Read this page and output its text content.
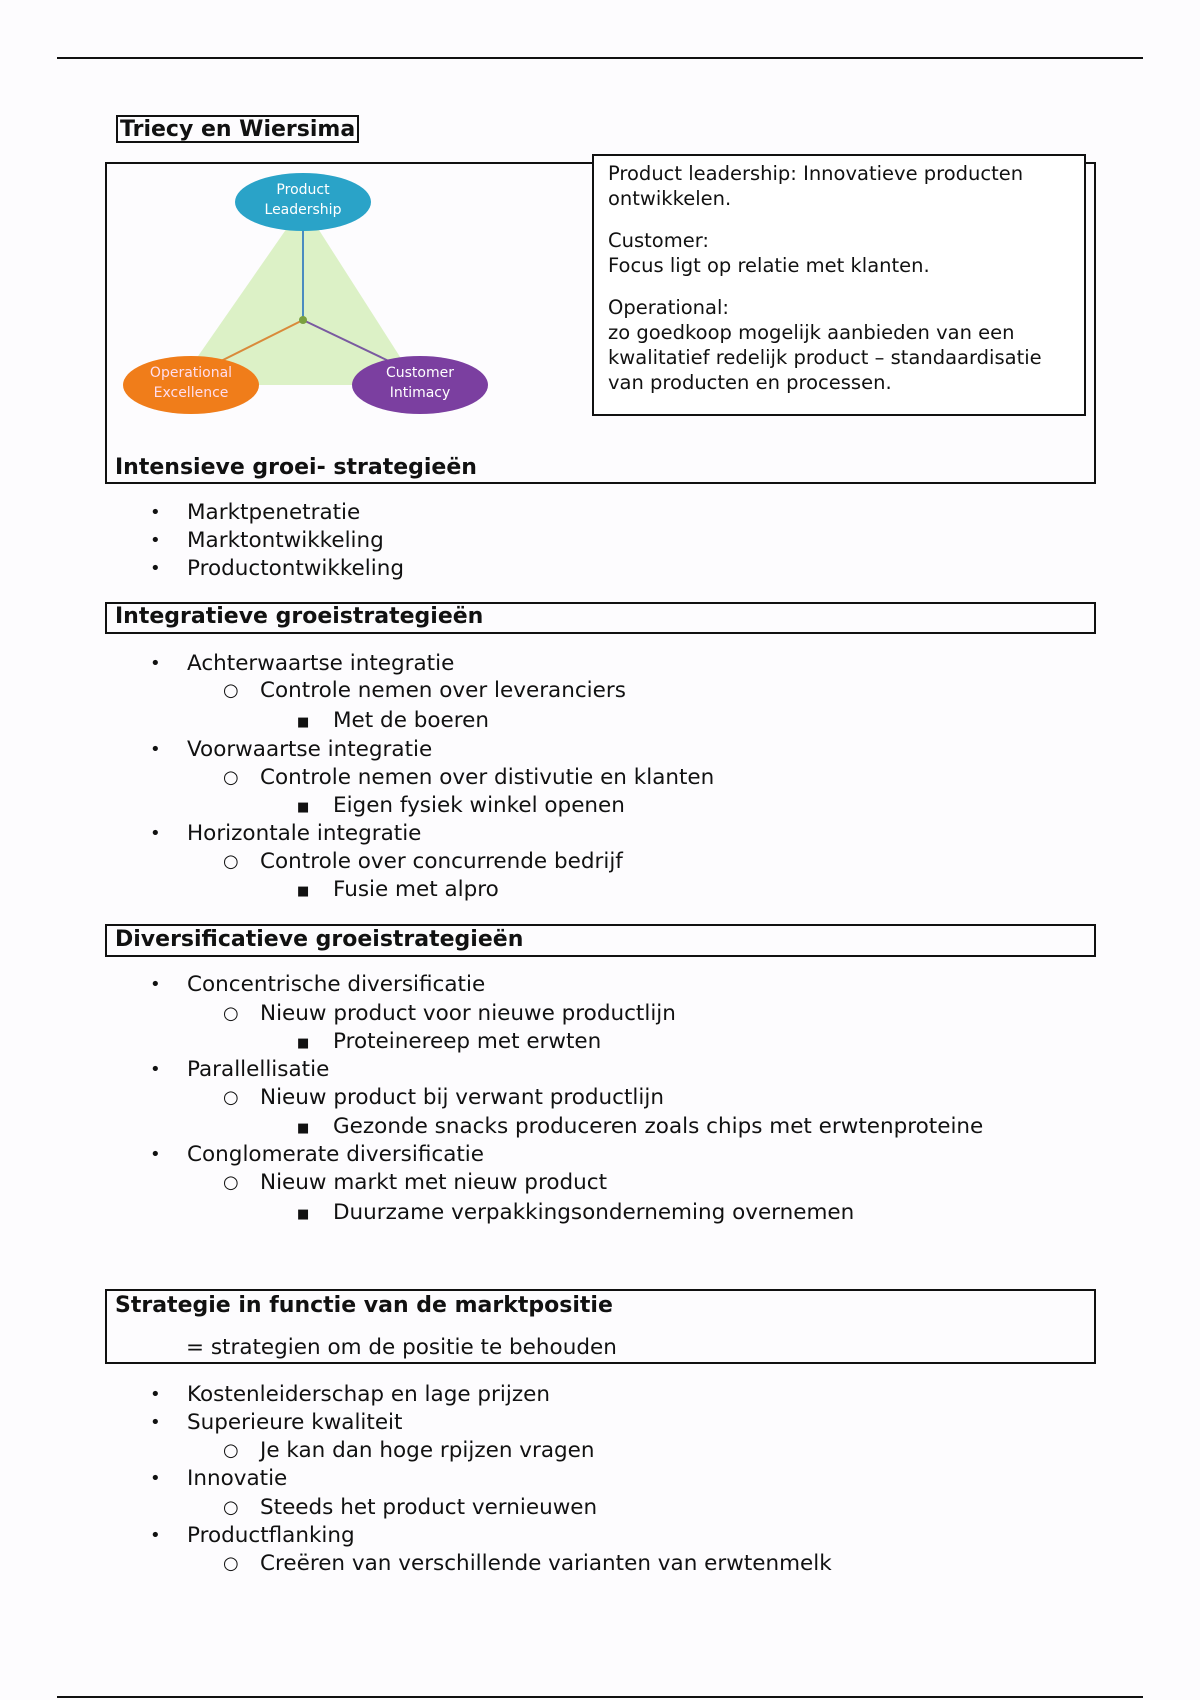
Triecy en Wiersima
Product Leadership
Operational Excellence
Customer Intimacy

Product leadership: Innovatieve producten ontwikkelen.

Customer:
Focus ligt op relatie met klanten.

Operational:
zo goedkoop mogelijk aanbieden van een kwalitatief redelijk product – standaardisatie van producten en processen.

Intensieve groei- strategieën
• Marktpenetratie
• Marktontwikkeling
• Productontwikkeling
Integratieve groeistrategieën
• Achterwaartse integratie
○ Controle nemen over leveranciers
■ Met de boeren
• Voorwaartse integratie
○ Controle nemen over distivutie en klanten
■ Eigen fysiek winkel openen
• Horizontale integratie
○ Controle over concurrende bedrijf
■ Fusie met alpro
Diversificatieve groeistrategieën
• Concentrische diversificatie
○ Nieuw product voor nieuwe productlijn
■ Proteinereep met erwten
• Parallellisatie
○ Nieuw product bij verwant productlijn
■ Gezonde snacks produceren zoals chips met erwtenproteine
• Conglomerate diversificatie
○ Nieuw markt met nieuw product
■ Duurzame verpakkingsonderneming overnemen
Strategie in functie van de marktpositie
= strategien om de positie te behouden
• Kostenleiderschap en lage prijzen
• Superieure kwaliteit
○ Je kan dan hoge rpijzen vragen
• Innovatie
○ Steeds het product vernieuwen
• Productflanking
○ Creëren van verschillende varianten van erwtenmelk
